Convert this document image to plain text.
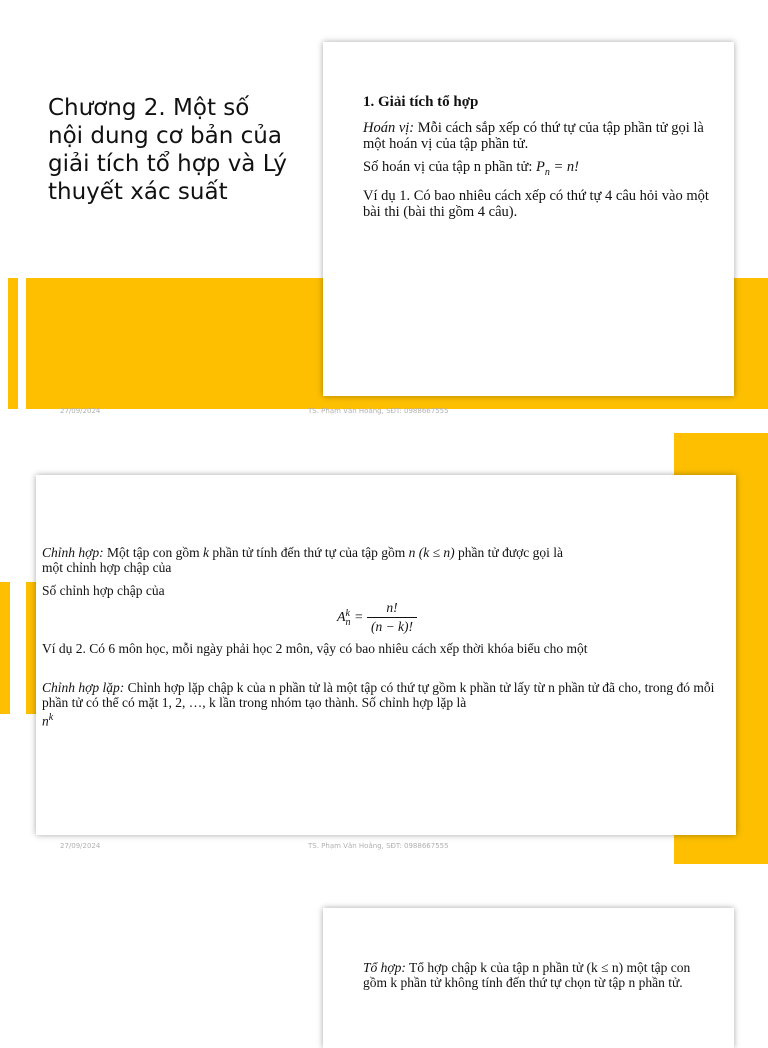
Chương 2. Một số nội dung cơ bản của giải tích tổ hợp và Lý thuyết xác suất
1. Giải tích tổ hợp

Hoán vị: Mỗi cách sắp xếp có thứ tự của tập phần tử gọi là một hoán vị của tập phần tử.

Số hoán vị của tập n phần tử: $P_n = n$!

Ví dụ 1. Có bao nhiêu cách xếp có thứ tự 4 câu hỏi vào một bài thi (bài thi gồm 4 câu).

27/09/2024	TS. Phạm Văn Hoằng, SĐT: 0988667555

Chỉnh hợp: Một tập con gồm k phần tử tính đến thứ tự của tập gồm n (k ≤ n) phần tử được gọi là

một chỉnh hợp chập của

Số chỉnh hợp chập của

A k
$n = \frac{n!}{(n - k)!}$

Ví dụ 2. Có 6 môn học, mỗi ngày phải học 2 môn, vậy có bao nhiêu cách xếp thời khóa biểu cho một

Chỉnh hợp lặp: Chỉnh hợp lặp chập k của n phần tử là một tập có thứ tự gồm k phần tử lấy từ n phần tử đã cho, trong đó mỗi phần tử có thể có mặt 1, 2, …, k lần trong nhóm tạo thành. Số chỉnh hợp lặp là

$n^k$

27/09/2024	TS. Phạm Văn Hoằng, SĐT: 0988667555

Tổ hợp: Tổ hợp chập k của tập n phần tử (k ≤ n) một tập con gồm k phần tử không tính đến thứ tự chọn từ tập n phần tử.
